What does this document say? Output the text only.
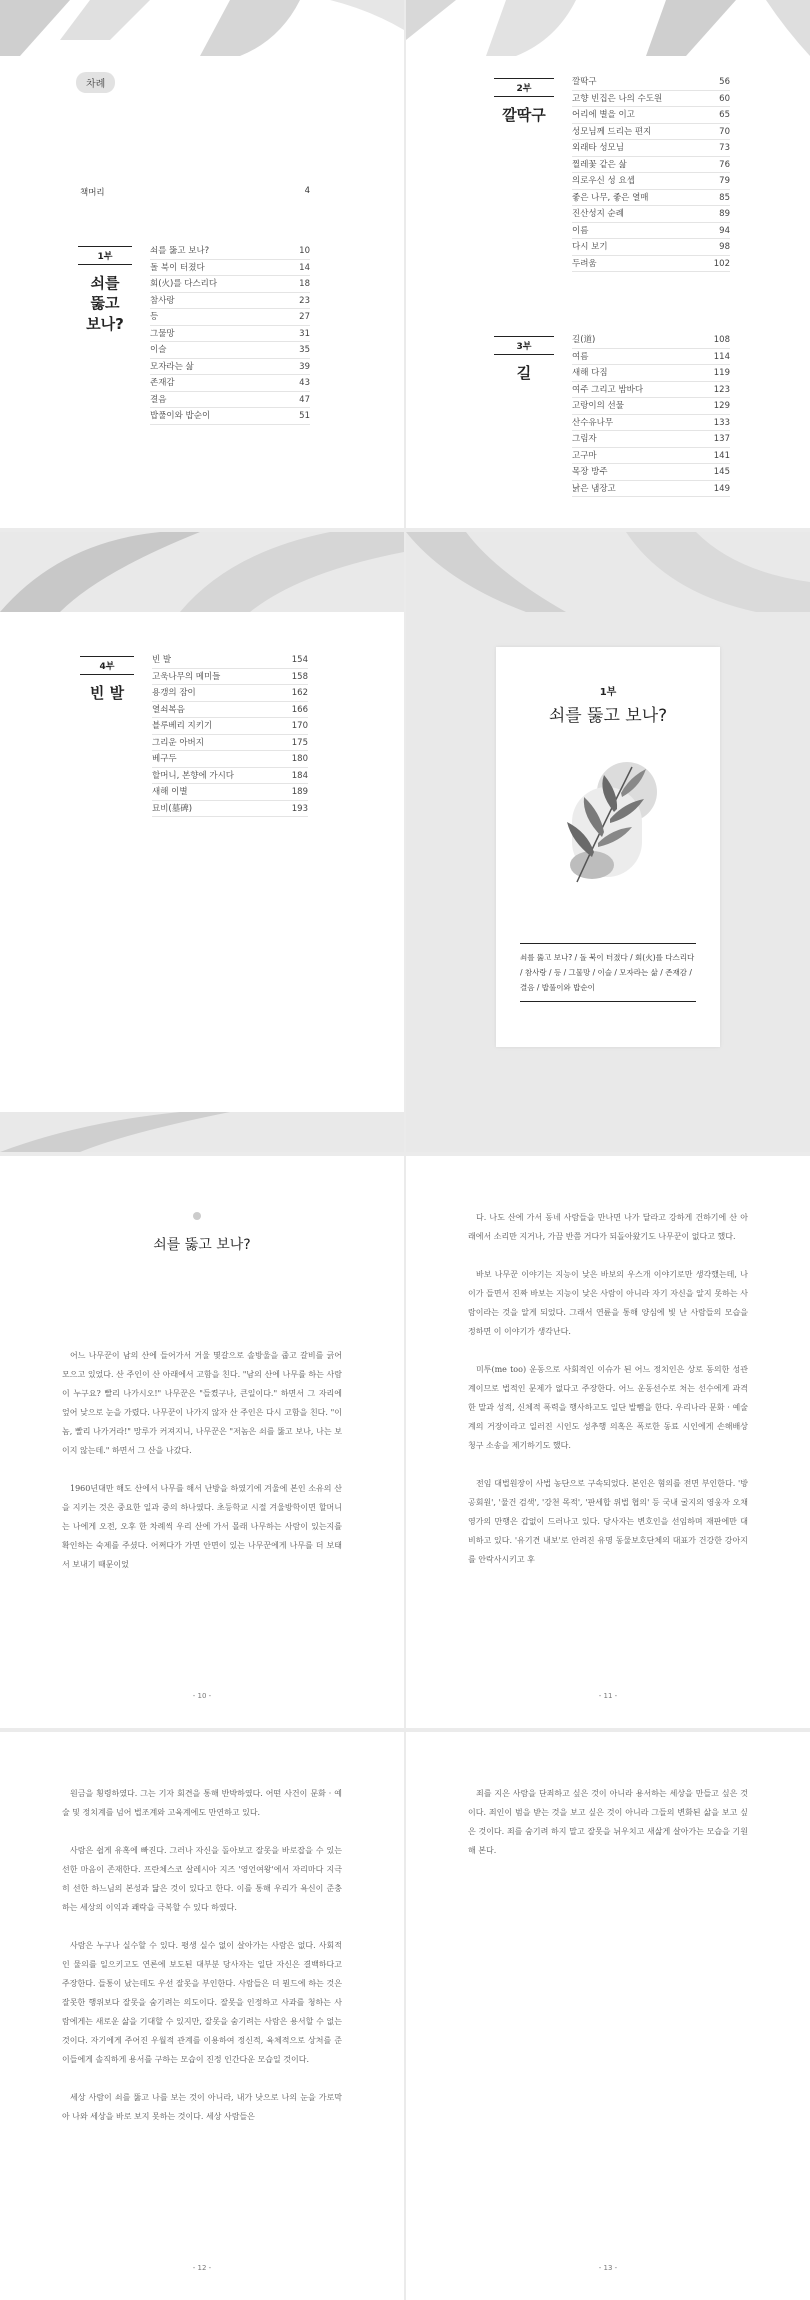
차례
책머리	4
1부
쇠를
뚫고
보나?
쇠를 뚫고 보나?	10
돌 북이 터졌다	14
회(火)를 다스리다	18
참사랑	23
등	27
그물망	31
이슬	35
모자라는 삶	39
존재감	43
결음	47
밥풀이와 밥순이	51
2부
깔딱구
깔딱구	56
고향 빈집은 나의 수도원	60
어리에 별을 이고	65
성모님께 드리는 편지	70
외래타 성모님	73
찔레꽃 같은 삶	76
의로우신 성 요셉	79
좋은 나무, 좋은 열매	85
진산성지 순례	89
이름	94
다시 보기	98
두려움	102
3부
길
길(道)	108
여름	114
새해 다짐	119
여주 그리고 밤바다	123
고랑이의 선물	129
산수유나무	133
그림자	137
고구마	141
목장 방주	145
낡은 냄장고	149
4부
빈 발
빈 발	154
고욱나무의 메미들	158
용갱의 잠이	162
열쇠복음	166
블루베리 지키기	170
그리운 아버지	175
베구두	180
할머니, 본향에 가시다	184
새해 이별	189
묘비(墓碑)	193
1부
쇠를 뚫고 보나?
쇠를 뚫고 보나? / 돌 북이 터졌다 / 회(火)를 다스리다 / 참사랑 / 등 / 그물망 / 이슬 / 모자라는 삶 / 존재감 / 결음 / 밥풀이와 밥순이
쇠를 뚫고 보나?

어느 나무꾼이 남의 산에 들어가서 거울 몇갈으로 솔방울을 줍고 갈비를 긁어모으고 있었다. 산 주인이 산 아래에서 고함을 친다. "남의 산에 나무를 하는 사람이 누구요? 빨리 나가시오!" 나무꾼은 "들켰구나, 큰일이다." 하면서 그 자리에 엎어 낮으로 눈을 가렸다. 나무꾼이 나가지 않자 산 주인은 다시 고함을 친다. "이놈, 빨리 나가거라!" 망루가 커져지니, 나무꾼은 "저놈은 쇠를 뚫고 보나, 나는 보이지 않는데." 하면서 그 산을 나갔다.

1960년대만 해도 산에서 나무를 해서 난방을 하였기에 겨울에 본인 소유의 산을 지키는 것은 중요한 일과 중의 하나였다. 초등학교 시절 겨울방학이면 할머니는 나에게 오전, 오후 한 차례씩 우리 산에 가서 몰래 나무하는 사람이 있는지를 확인하는 숙제를 주셨다. 어쩌다가 가면 안면이 있는 나무꾼에게 나무를 더 보태서 보내기 때문이었

- 10 -

다. 나도 산에 가서 동네 사람들을 만나면 나가 달라고 강하게 건하기에 산 아래에서 소리만 지거나, 가끔 반쯤 거다가 되돌아왔기도 나무꾼이 없다고 했다.

바보 나무꾼 이야기는 지능이 낮은 바보의 우스개 이야기로만 생각했는데, 나이가 들면서 진짜 바보는 지능이 낮은 사람이 아니라 자기 자신을 알지 못하는 사람이라는 것을 알게 되었다. 그래서 연륜을 통해 양심에 빛 난 사람들의 모습을 정하면 이 이야기가 생각난다.

미투(me too) 운동으로 사회적인 이슈가 된 어느 정치인은 상로 동의한 성관계이므로 법적인 문제가 없다고 주장한다. 어느 운동선수로 처는 선수에게 과격한 말과 성적, 신체적 폭력을 행사하고도 일단 발뺌을 한다. 우리나라 문화 · 예술계의 거장이라고 일러진 시인도 성추행 의혹은 폭로한 동료 시인에게 손해배상 청구 소송을 제기하기도 했다.

전임 대법원장이 사법 농단으로 구속되었다. 본인은 혐의를 전면 부인한다. '방공회원', '물건 검색', '강천 목적', '판세합 위법 협의' 등 국내 굴지의 영웅자 오채 영가의 만행은 갑없이 드러나고 있다. 당사자는 변호인을 선임하며 재판에만 대비하고 있다. '유기견 내보'로 안려진 유명 동물보호단체의 대표가 건강한 강아지를 안락사시키고 후

- 11 -

원금을 횡령하였다. 그는 기자 회견을 통해 반박하였다. 어떤 사건이 문화 · 예술 및 정치계를 넘어 법조계와 고육계에도 만연하고 있다.

사람은 쉽게 유혹에 빠진다. 그러나 자신을 돌아보고 잘못을 바로잡을 수 있는 선한 마음이 존재한다. 프란체스코 살레시아 지즈 '영언여왕'에서 자리마다 지극히 선한 하느님의 본성과 닮은 것이 있다고 한다. 이를 통해 우리가 욕신이 준충하는 세상의 이익과 쾌락을 극복할 수 있다 하였다.

사람은 누구나 실수할 수 있다. 평생 실수 없이 살아가는 사람은 없다. 사회적인 물의를 일으키고도 연론에 보도된 대부분 당사자는 일단 자신은 결백하다고 주장한다. 들통이 났는데도 우선 잘못을 부인한다. 사람들은 더 뭔드에 하는 것은 잘못한 행위보다 잘못을 숨기려는 의도이다. 잘못을 인정하고 사과를 청하는 사람에게는 새로운 삶을 기대할 수 있지만, 잘못을 숨기려는 사람은 용서할 수 없는 것이다. 자기에게 주어진 우월적 관계를 이용하여 정신적, 육체적으로 상처를 준 이들에게 솔직하게 용서를 구하는 모습이 진정 인간다운 모습일 것이다.

세상 사람이 쇠를 뚫고 나를 보는 것이 아니라, 내가 낫으로 나의 눈을 가로막아 나와 세상을 바로 보지 못하는 것이다. 세상 사람들은

- 12 -

죄를 지은 사람을 단죄하고 싶은 것이 아니라 용서하는 세상을 만들고 싶은 것이다. 죄인이 범을 받는 것을 보고 싶은 것이 아니라 그들의 변화된 삶을 보고 싶은 것이다. 죄를 숨기려 하지 말고 잘못을 뉘우치고 새삶게 살아가는 모습을 기원해 본다.

- 13 -
